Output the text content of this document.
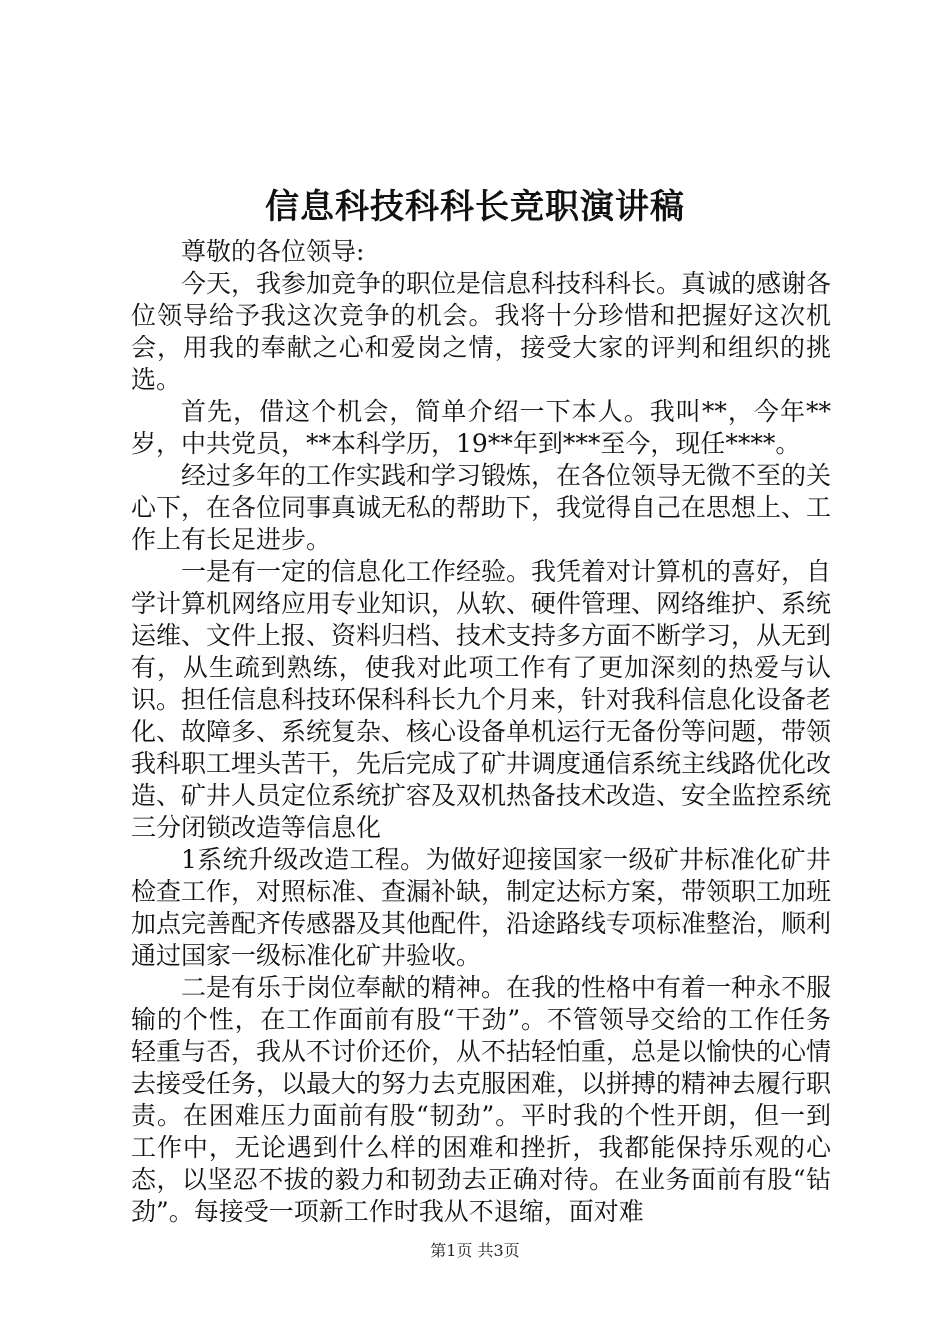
信息科技科科长竞职演讲稿

尊敬的各位领导:

今天，我参加竞争的职位是信息科技科科长。真诚的感谢各位领导给予我这次竞争的机会。我将十分珍惜和把握好这次机会，用我的奉献之心和爱岗之情，接受大家的评判和组织的挑选。

首先，借这个机会，简单介绍一下本人。我叫**，今年**岁，中共党员，**本科学历，19**年到***至今，现任****。

经过多年的工作实践和学习锻炼，在各位领导无微不至的关心下，在各位同事真诚无私的帮助下，我觉得自己在思想上、工作上有长足进步。

一是有一定的信息化工作经验。我凭着对计算机的喜好，自学计算机网络应用专业知识，从软、硬件管理、网络维护、系统运维、文件上报、资料归档、技术支持多方面不断学习，从无到有，从生疏到熟练，使我对此项工作有了更加深刻的热爱与认识。担任信息科技环保科科长九个月来，针对我科信息化设备老化、故障多、系统复杂、核心设备单机运行无备份等问题，带领我科职工埋头苦干，先后完成了矿井调度通信系统主线路优化改造、矿井人员定位系统扩容及双机热备技术改造、安全监控系统三分闭锁改造等信息化

1系统升级改造工程。为做好迎接国家一级矿井标准化矿井检查工作，对照标准、查漏补缺，制定达标方案，带领职工加班加点完善配齐传感器及其他配件，沿途路线专项标准整治，顺利通过国家一级标准化矿井验收。

二是有乐于岗位奉献的精神。在我的性格中有着一种永不服输的个性，在工作面前有股“干劲”。不管领导交给的工作任务轻重与否，我从不讨价还价，从不拈轻怕重，总是以愉快的心情去接受任务，以最大的努力去克服困难，以拼搏的精神去履行职责。在困难压力面前有股“韧劲”。平时我的个性开朗，但一到工作中，无论遇到什么样的困难和挫折，我都能保持乐观的心态，以坚忍不拔的毅力和韧劲去正确对待。在业务面前有股“钻劲”。每接受一项新工作时我从不退缩，面对难

第1页 共3页
